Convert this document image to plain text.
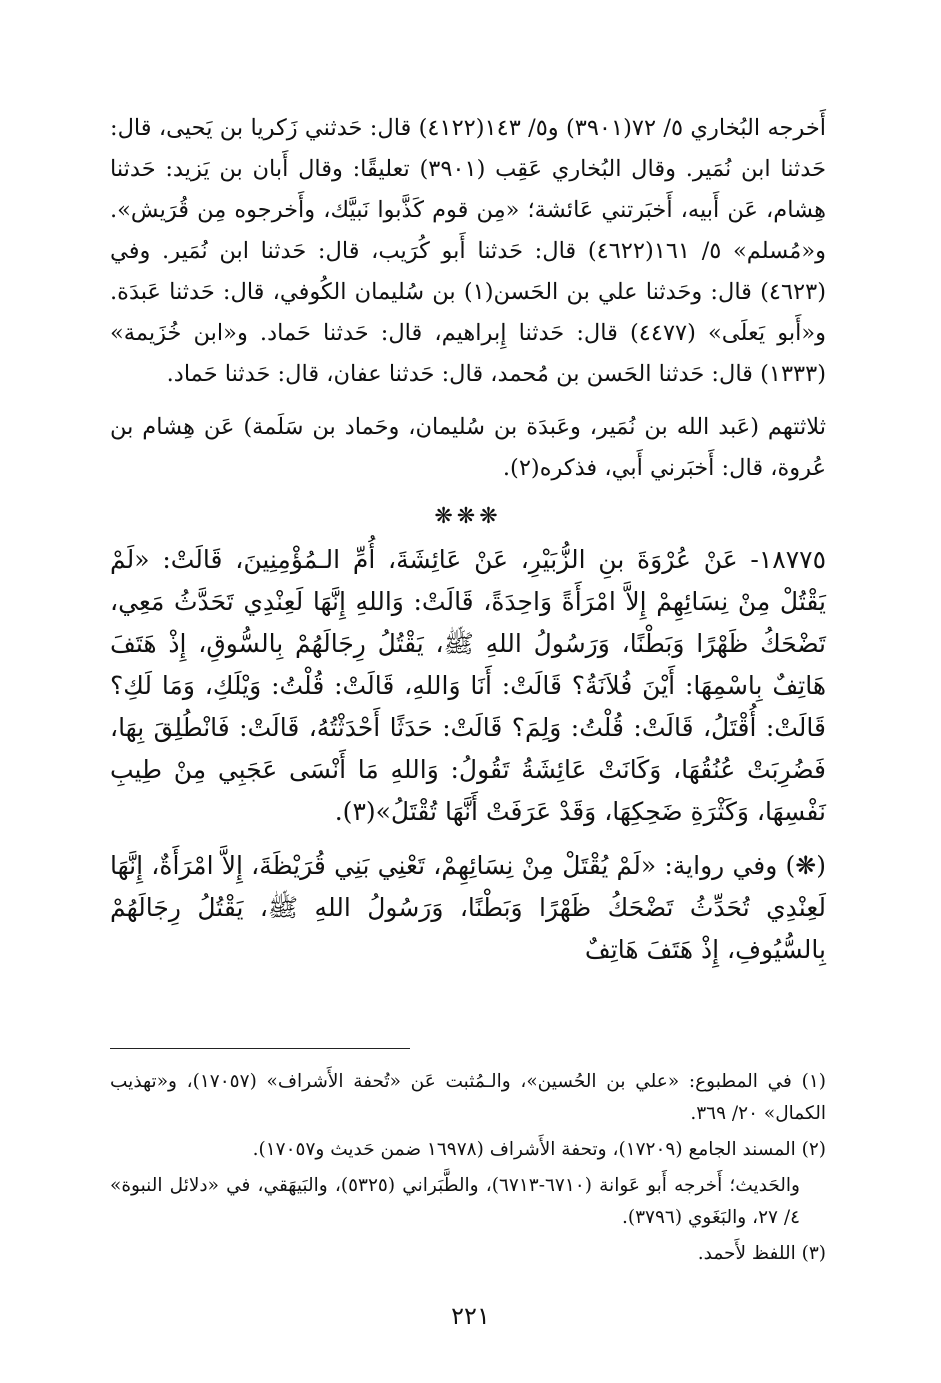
أَخرجه البُخاري ٥/ ٧٢(٣٩٠١) و٥/ ١٤٣(٤١٢٢) قال: حَدثني زَكريا بن يَحيى، قال: حَدثنا ابن نُمَير. وقال البُخاري عَقِب (٣٩٠١) تعليقًا: وقال أَبان بن يَزيد: حَدثنا هِشام، عَن أَبيه، أَخبَرتني عَائشة؛ «مِن قوم كَذَّبوا نَبيَّك، وأَخرجوه مِن قُرَيش». و«مُسلم» ٥/ ١٦١(٤٦٢٢) قال: حَدثنا أَبو كُرَيب، قال: حَدثنا ابن نُمَير. وفي (٤٦٢٣) قال: وحَدثنا علي بن الحَسن(١) بن سُليمان الكُوفي، قال: حَدثنا عَبدَة. و«أَبو يَعلَى» (٤٤٧٧) قال: حَدثنا إِبراهيم، قال: حَدثنا حَماد. و«ابن خُزَيمة» (١٣٣٣) قال: حَدثنا الحَسن بن مُحمد، قال: حَدثنا عفان، قال: حَدثنا حَماد.

ثلاثتهم (عَبد الله بن نُمَير، وعَبدَة بن سُليمان، وحَماد بن سَلَمة) عَن هِشام بن عُروة، قال: أَخبَرني أَبي، فذكره(٢).

❋❋❋

١٨٧٧٥- عَنْ عُرْوَةَ بنِ الزُّبَيْرِ، عَنْ عَائِشَةَ، أُمِّ الـمُؤْمِنِينَ، قَالَتْ: «لَمْ يَقْتُلْ مِنْ نِسَائِهِمْ إِلاَّ امْرَأَةً وَاحِدَةً، قَالَتْ: وَاللهِ إِنَّهَا لَعِنْدِي تَحَدَّثُ مَعِي، تَضْحَكُ ظَهْرًا وَبَطْنًا، وَرَسُولُ اللهِ ﷺ، يَقْتُلُ رِجَالَهُمْ بِالسُّوقِ، إِذْ هَتَفَ هَاتِفٌ بِاسْمِهَا: أَيْنَ فُلاَنَةُ؟ قَالَتْ: أَنَا وَاللهِ، قَالَتْ: قُلْتُ: وَيْلَكِ، وَمَا لَكِ؟ قَالَتْ: أُقْتَلُ، قَالَتْ: قُلْتُ: وَلِمَ؟ قَالَتْ: حَدَثًا أَحْدَثْتُهُ، قَالَتْ: فَانْطُلِقَ بِهَا، فَضُرِبَتْ عُنُقُهَا، وَكَانَتْ عَائِشَةُ تَقُولُ: وَاللهِ مَا أَنْسَى عَجَبِي مِنْ طِيبِ نَفْسِهَا، وَكَثْرَةِ ضَحِكِهَا، وَقَدْ عَرَفَتْ أَنَّهَا تُقْتَلُ»(٣).

(❋) وفي رواية: «لَمْ يُقْتَلْ مِنْ نِسَائِهِمْ، تَعْنِي بَنِي قُرَيْظَةَ، إِلاَّ امْرَأَةٌ، إِنَّهَا لَعِنْدِي تُحَدِّثُ تَضْحَكُ ظَهْرًا وَبَطْنًا، وَرَسُولُ اللهِ ﷺ، يَقْتُلُ رِجَالَهُمْ بِالسُّيُوفِ، إِذْ هَتَفَ هَاتِفٌ

(١) في المطبوع: «علي بن الحُسين»، والـمُثبت عَن «تُحفة الأَشراف» (١٧٠٥٧)، و«تهذيب الكمال» ٢٠/ ٣٦٩.

(٢) المسند الجامع (١٧٢٠٩)، وتحفة الأَشراف (١٦٩٧٨ ضمن حَديث و١٧٠٥٧).

والحَديث؛ أَخرجه أَبو عَوانة (٦٧١٠-٦٧١٣)، والطَّبَراني (٥٣٢٥)، والبَيهَقي، في «دلائل النبوة» ٤/ ٢٧، والبَغَوي (٣٧٩٦).

(٣) اللفظ لأَحمد.

٢٢١
